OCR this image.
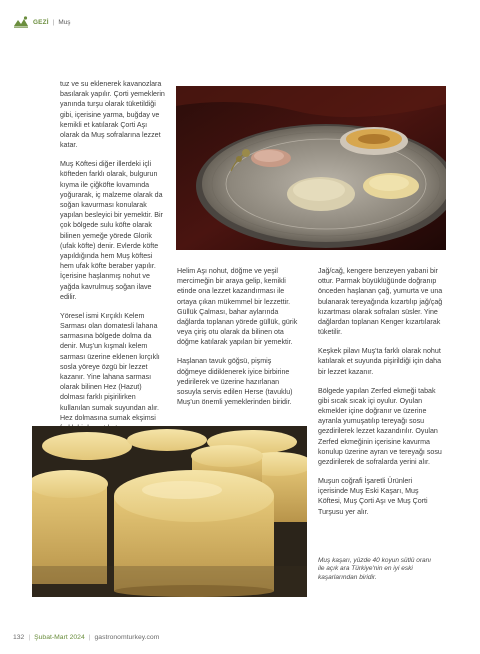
GEZİ | Muş

tuz ve su eklenerek kavanozlara basılarak yapılır. Çorti yemeklerin yanında turşu olarak tüketildiği gibi, içerisine yarma, buğday ve kemikli et katılarak Çorti Aşı olarak da Muş sofralarına lezzet katar.

Muş Köftesi diğer illerdeki içli köfteden farklı olarak, bulgurun kıyma ile çiğköfte kıvamında yoğurarak, iç malzeme olarak da soğan kavurması konularak yapılan besleyici bir yemektir. Bir çok bölgede sulu köfte olarak bilinen yemeğe yörede Glorik (ufak köfte) denir. Evlerde köfte yapıldığında hem Muş köftesi hem ufak köfte beraber yapılır. İçerisine haşlanmış nohut ve yağda kavrulmuş soğan ilave edilir.

Yöresel ismi Kırçıklı Kelem Sarması olan domatesli lahana sarmasına bölgede dolma da denir. Muş'un kışmalı kelem sarması üzerine eklenen kırçıklı sosla yöreye özgü bir lezzet kazanır. Yine lahana sarması olarak bilinen Hez (Hazut) dolması farklı pişirilirken kullanılan sumak suyundan alır. Hez dolmasına sumak ekşimsi

Helim Aşı nohut, döğme ve yeşil mercimeğin bir araya gelip, kemikli etinde ona lezzet kazandırması ile ortaya çıkan mükemmel bir lezzettir. Güllük Çalması, bahar aylarında dağlarda toplanan yörede güllük, gürik veya çiriş otu olarak da bilinen ota döğme katılarak yapılan bir yemektir.

Haşlanan tavuk göğsü, pişmiş döğmeye didiklenerek iyice birbirine yedirilerek ve üzerine hazırlanan sosuyla servis edilen Herse (tavuklu) Muş'un önemli yemeklerinden biridir.

Jağ/cağ, kengere benzeyen yabani bir ottur. Parmak büyüklüğünde doğranıp önceden haşlanan çağ, yumurta ve una bulanarak tereyağında kızartılıp jağ/çağ kızartması olarak sofraları süsler. Yine dağlardan toplanan Kenger kızartılarak tüketilir.

Keşkek pilavı Muş'ta farklı olarak nohut katılarak et suyunda pişirildiği için daha bir lezzet kazanır.

Bölgede yapılan Zerfed ekmeği tabak gibi sıcak sıcak içi oyulur. Oyulan ekmekler içine doğranır ve üzerine ayranla yumuşatılıp tereyağı sosu gezdirilerek lezzet kazandırılır. Oyulan Zerfed ekmeğinin içerisine kavurma konulup üzerine ayran ve tereyağı sosu gezdirilerek de sofralarda yerini alır.

Muşun coğrafi İşaretli Ürünleri içerisinde Muş Eski Kaşarı, Muş Köftesi, Muş Çorti Aşı ve Muş Çorti Turşusu yer alır.

Muş kaşarı, yüzde 40 koyun sütlü oranı ile açık ara Türkiye'nin en iyi eski kaşarlarından biridir.
132 | Şubat-Mart 2024 | gastronomturkey.com
